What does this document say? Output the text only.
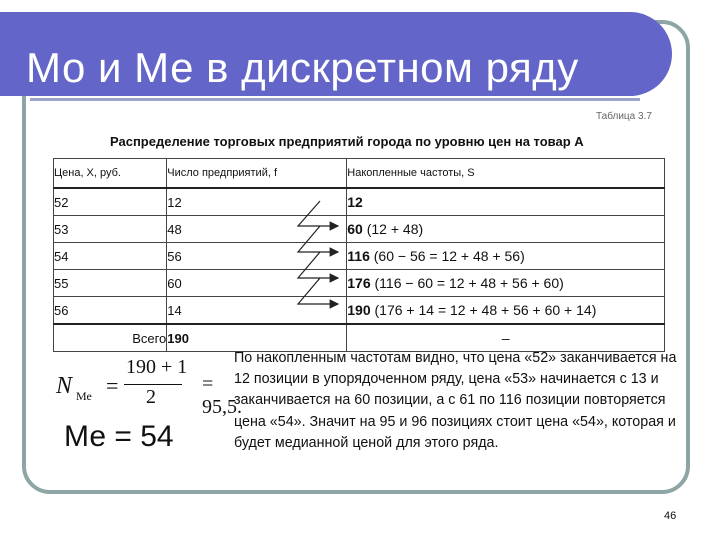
Мо и Ме в дискретном ряду
Таблица 3.7
Распределение торговых предприятий города по уровню цен на товар A
Цена, X, руб.	Число предприятий, f	Накопленные частоты, S
52	12	12
53	48	60 (12 + 48)
54	56	116 (60 − 56 = 12 + 48 + 56)
55	60	176 (116 − 60 = 12 + 48 + 56 + 60)
56	14	190 (176 + 14 = 12 + 48 + 56 + 60 + 14)
Всего	190	–
N Ме =
190 + 1
2
= 95,5.
Ме = 54
По накопленным частотам видно, что цена «52» заканчивается на 12 позиции в упорядоченном ряду, цена «53» начинается с 13 и заканчивается на 60 позиции, а с 61 по 116 позиции повторяется цена «54». Значит на 95 и 96 позициях стоит цена «54», которая и будет медианной ценой для этого ряда.
46
